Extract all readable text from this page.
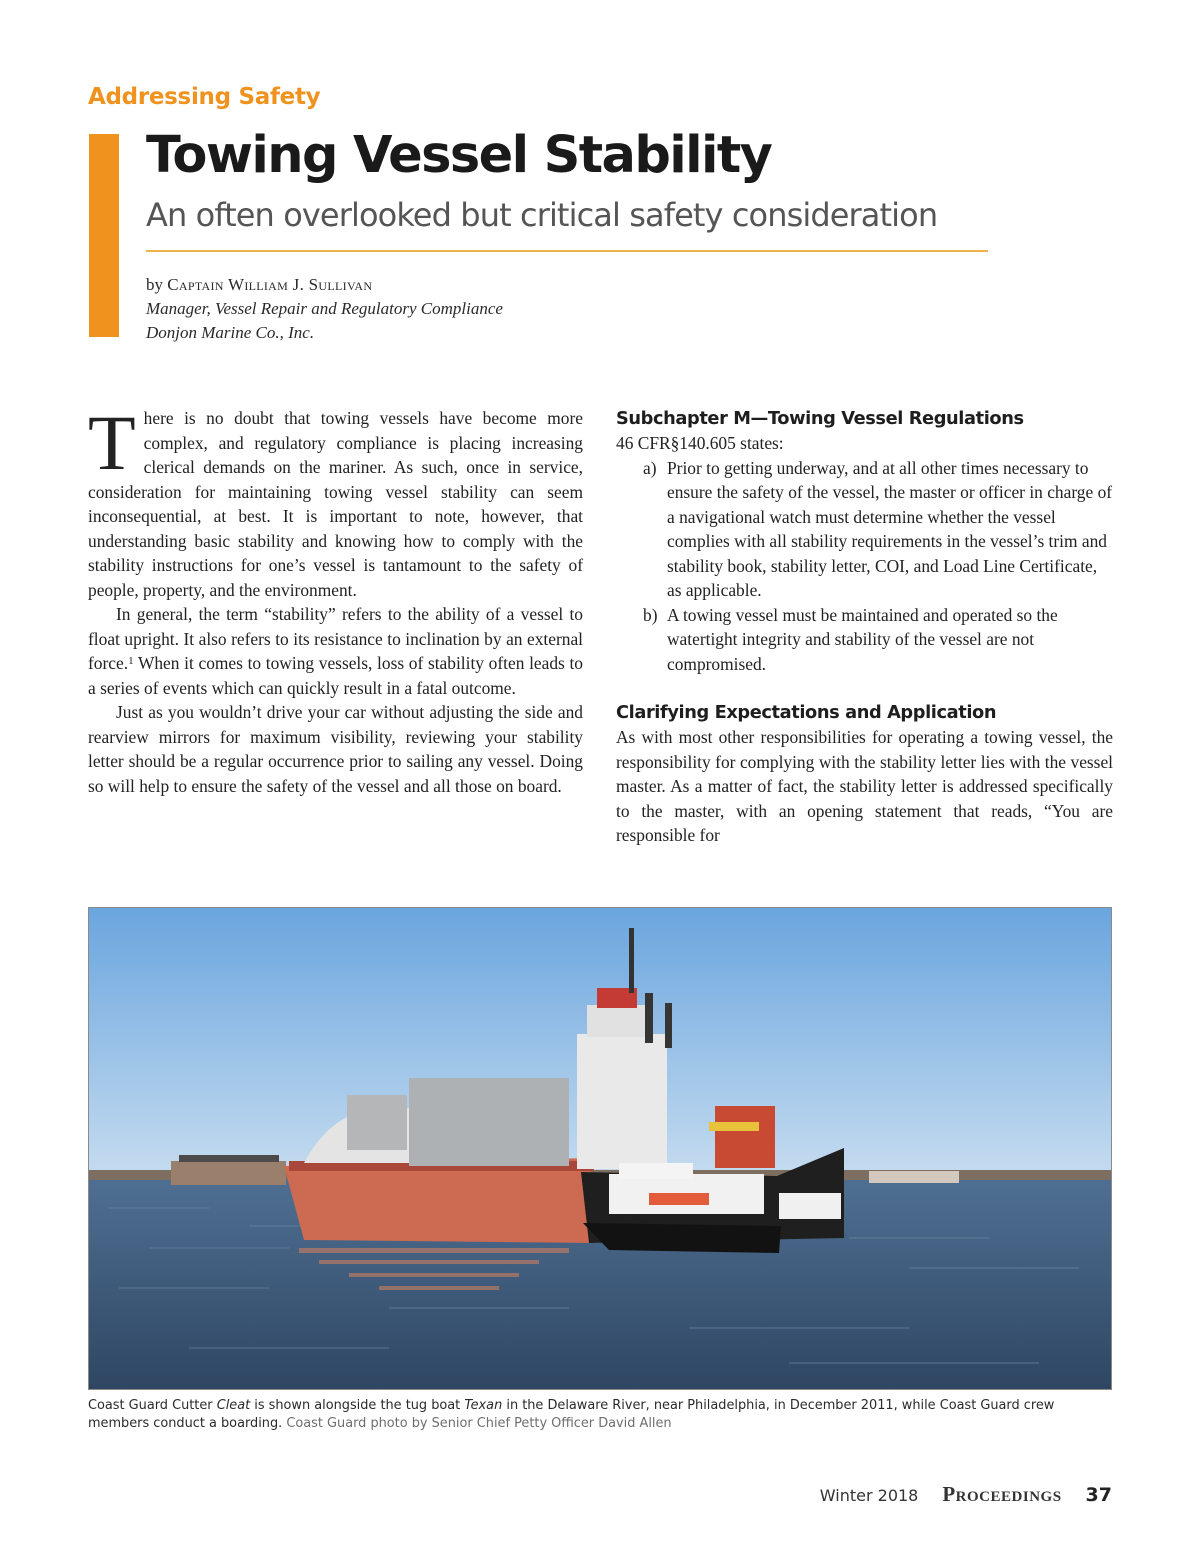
Addressing Safety
Towing Vessel Stability
An often overlooked but critical safety consideration
by Captain William J. Sullivan
Manager, Vessel Repair and Regulatory Compliance
Donjon Marine Co., Inc.

There is no doubt that towing vessels have become more complex, and regulatory compliance is placing increasing clerical demands on the mariner. As such, once in service, consideration for maintaining towing vessel stability can seem inconsequential, at best. It is important to note, however, that understanding basic stability and knowing how to comply with the stability instructions for one’s vessel is tantamount to the safety of people, property, and the environment.

In general, the term “stability” refers to the ability of a vessel to float upright. It also refers to its resistance to inclination by an external force.$^1$ When it comes to towing vessels, loss of stability often leads to a series of events which can quickly result in a fatal outcome.

Just as you wouldn’t drive your car without adjusting the side and rearview mirrors for maximum visibility, reviewing your stability letter should be a regular occurrence prior to sailing any vessel. Doing so will help to ensure the safety of the vessel and all those on board.

Subchapter M—Towing Vessel Regulations

46 CFR§140.605 states:

a) Prior to getting underway, and at all other times necessary to ensure the safety of the vessel, the master or officer in charge of a navigational watch must determine whether the vessel complies with all stability requirements in the vessel’s trim and stability book, stability letter, COI, and Load Line Certificate, as applicable.
b) A towing vessel must be maintained and operated so the watertight integrity and stability of the vessel are not compromised.
Clarifying Expectations and Application

As with most other responsibilities for operating a towing vessel, the responsibility for complying with the stability letter lies with the vessel master. As a matter of fact, the stability letter is addressed specifically to the master, with an opening statement that reads, “You are responsible for

Coast Guard Cutter Cleat is shown alongside the tug boat Texan in the Delaware River, near Philadelphia, in December 2011, while Coast Guard crew members conduct a boarding. Coast Guard photo by Senior Chief Petty Officer David Allen
Winter 2018 Proceedings 37
